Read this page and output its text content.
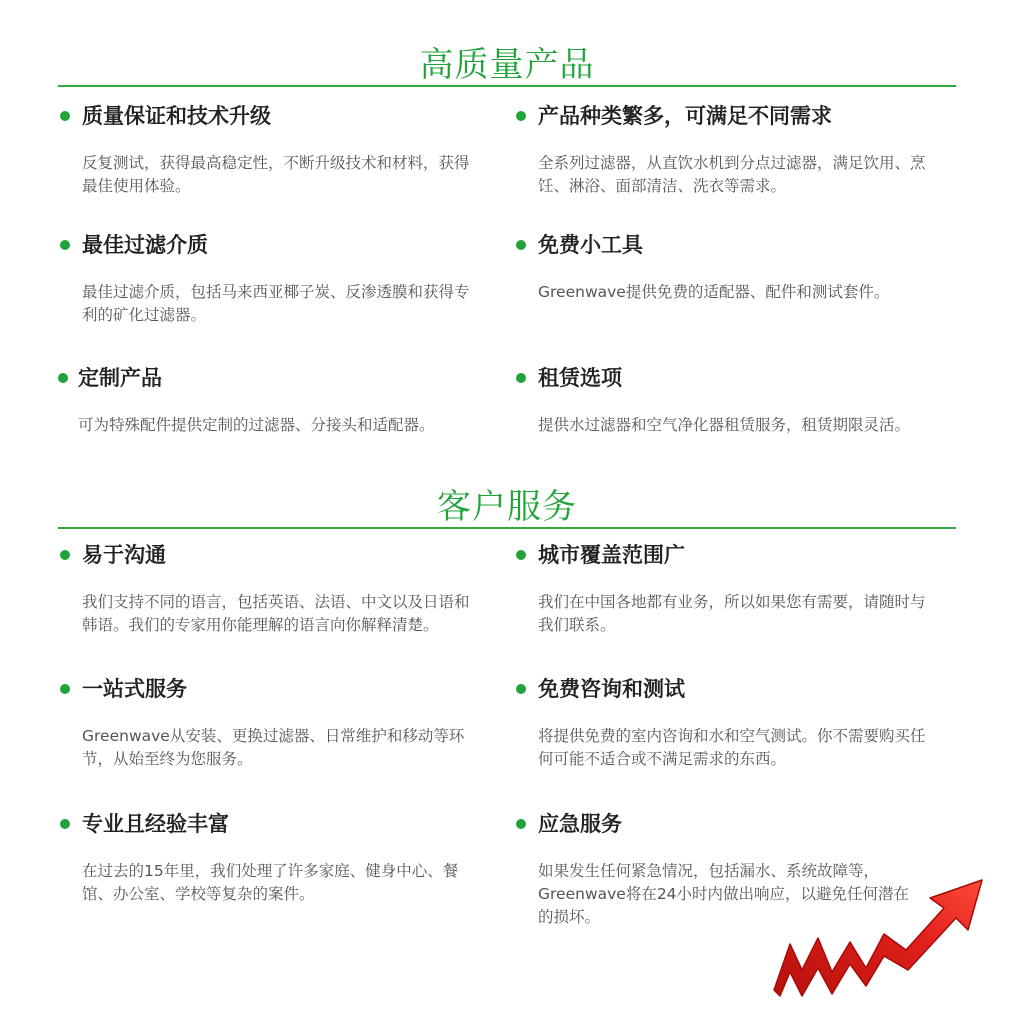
高质量产品
质量保证和技术升级
反复测试，获得最高稳定性，不断升级技术和材料，获得最佳使用体验。
产品种类繁多，可满足不同需求
全系列过滤器，从直饮水机到分点过滤器，满足饮用、烹饪、淋浴、面部清洁、洗衣等需求。
最佳过滤介质
最佳过滤介质，包括马来西亚椰子炭、反渗透膜和获得专利的矿化过滤器。
免费小工具
Greenwave提供免费的适配器、配件和测试套件。
定制产品
可为特殊配件提供定制的过滤器、分接头和适配器。
租赁选项
提供水过滤器和空气净化器租赁服务，租赁期限灵活。
客户服务
易于沟通
我们支持不同的语言，包括英语、法语、中文以及日语和韩语。我们的专家用你能理解的语言向你解释清楚。
城市覆盖范围广
我们在中国各地都有业务，所以如果您有需要，请随时与我们联系。
一站式服务
Greenwave从安装、更换过滤器、日常维护和移动等环节，从始至终为您服务。
免费咨询和测试
将提供免费的室内咨询和水和空气测试。你不需要购买任何可能不适合或不满足需求的东西。
专业且经验丰富
在过去的15年里，我们处理了许多家庭、健身中心、餐馆、办公室、学校等复杂的案件。
应急服务
如果发生任何紧急情况，包括漏水、系统故障等，Greenwave将在24小时内做出响应，以避免任何潜在的损坏。
